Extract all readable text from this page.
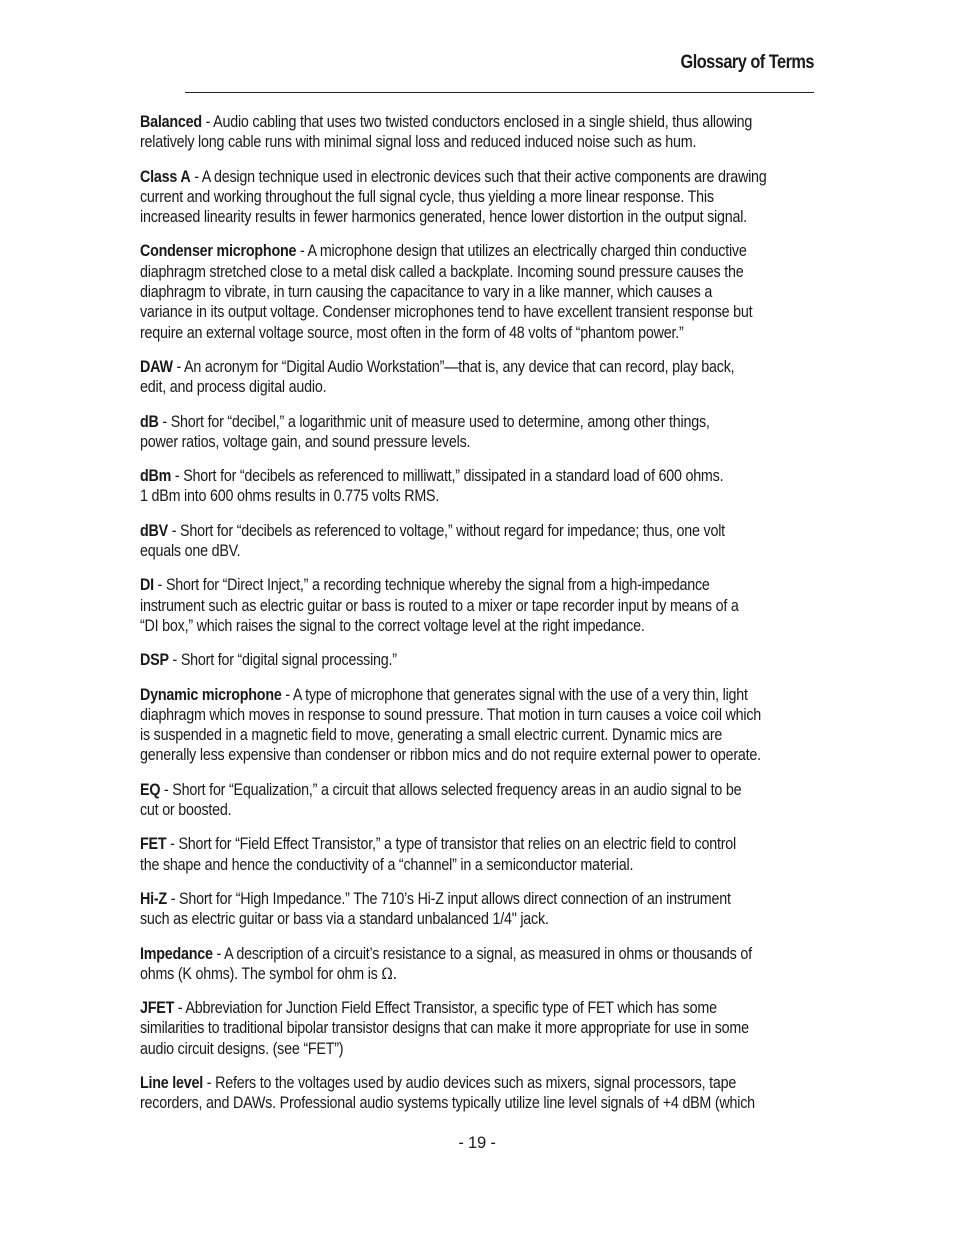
Glossary of Terms

Balanced - Audio cabling that uses two twisted conductors enclosed in a single shield, thus allowing
relatively long cable runs with minimal signal loss and reduced induced noise such as hum.

Class A - A design technique used in electronic devices such that their active components are drawing
current and working throughout the full signal cycle, thus yielding a more linear response. This
increased linearity results in fewer harmonics generated, hence lower distortion in the output signal.

Condenser microphone - A microphone design that utilizes an electrically charged thin conductive
diaphragm stretched close to a metal disk called a backplate. Incoming sound pressure causes the
diaphragm to vibrate, in turn causing the capacitance to vary in a like manner, which causes a
variance in its output voltage. Condenser microphones tend to have excellent transient response but
require an external voltage source, most often in the form of 48 volts of “phantom power.”

DAW - An acronym for “Digital Audio Workstation”—that is, any device that can record, play back,
edit, and process digital audio.

dB - Short for “decibel,” a logarithmic unit of measure used to determine, among other things,
power ratios, voltage gain, and sound pressure levels.

dBm - Short for “decibels as referenced to milliwatt,” dissipated in a standard load of 600 ohms.
1 dBm into 600 ohms results in 0.775 volts RMS.

dBV - Short for “decibels as referenced to voltage,” without regard for impedance; thus, one volt
equals one dBV.

DI - Short for “Direct Inject,” a recording technique whereby the signal from a high-impedance
instrument such as electric guitar or bass is routed to a mixer or tape recorder input by means of a
“DI box,” which raises the signal to the correct voltage level at the right impedance.

DSP - Short for “digital signal processing.”

Dynamic microphone - A type of microphone that generates signal with the use of a very thin, light
diaphragm which moves in response to sound pressure. That motion in turn causes a voice coil which
is suspended in a magnetic field to move, generating a small electric current. Dynamic mics are
generally less expensive than condenser or ribbon mics and do not require external power to operate.

EQ - Short for “Equalization,” a circuit that allows selected frequency areas in an audio signal to be
cut or boosted.

FET - Short for “Field Effect Transistor,” a type of transistor that relies on an electric field to control
the shape and hence the conductivity of a “channel” in a semiconductor material.

Hi-Z - Short for “High Impedance.” The 710’s Hi-Z input allows direct connection of an instrument
such as electric guitar or bass via a standard unbalanced 1/4" jack.

Impedance - A description of a circuit’s resistance to a signal, as measured in ohms or thousands of
ohms (K ohms). The symbol for ohm is Ω.

JFET - Abbreviation for Junction Field Effect Transistor, a specific type of FET which has some
similarities to traditional bipolar transistor designs that can make it more appropriate for use in some
audio circuit designs. (see “FET”)

Line level - Refers to the voltages used by audio devices such as mixers, signal processors, tape
recorders, and DAWs. Professional audio systems typically utilize line level signals of +4 dBM (which

- 19 -
